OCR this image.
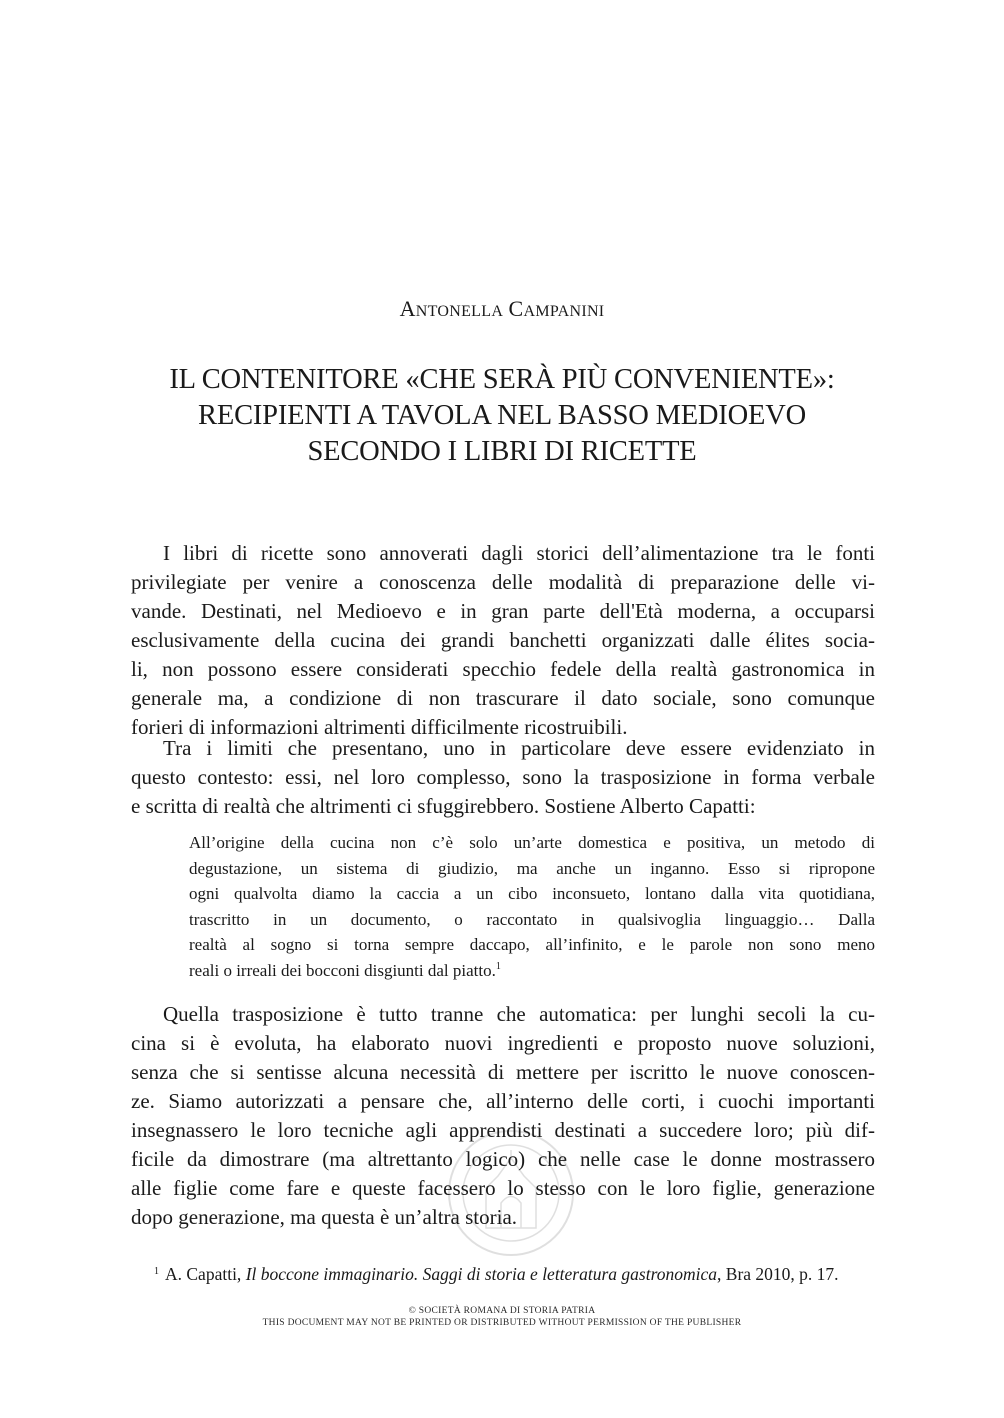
ANTONELLA CAMPANINI
IL CONTENITORE «CHE SERÀ PIÙ CONVENIENTE»:
RECIPIENTI A TAVOLA NEL BASSO MEDIOEVO
SECONDO I LIBRI DI RICETTE
I libri di ricette sono annoverati dagli storici dell’alimentazione tra le fonti
privilegiate per venire a conoscenza delle modalità di preparazione delle vi-
vande. Destinati, nel Medioevo e in gran parte dell'Età moderna, a occuparsi
esclusivamente della cucina dei grandi banchetti organizzati dalle élites socia-
li, non possono essere considerati specchio fedele della realtà gastronomica in
generale ma, a condizione di non trascurare il dato sociale, sono comunque
forieri di informazioni altrimenti difficilmente ricostruibili.
Tra i limiti che presentano, uno in particolare deve essere evidenziato in
questo contesto: essi, nel loro complesso, sono la trasposizione in forma verbale
e scritta di realtà che altrimenti ci sfuggirebbero. Sostiene Alberto Capatti:
All’origine della cucina non c’è solo un’arte domestica e positiva, un metodo di
degustazione, un sistema di giudizio, ma anche un inganno. Esso si ripropone
ogni qualvolta diamo la caccia a un cibo inconsueto, lontano dalla vita quotidiana,
trascritto in un documento, o raccontato in qualsivoglia linguaggio… Dalla
realtà al sogno si torna sempre daccapo, all’infinito, e le parole non sono meno
reali o irreali dei bocconi disgiunti dal piatto.$^1$
Quella trasposizione è tutto tranne che automatica: per lunghi secoli la cu-
cina si è evoluta, ha elaborato nuovi ingredienti e proposto nuove soluzioni,
senza che si sentisse alcuna necessità di mettere per iscritto le nuove conoscen-
ze. Siamo autorizzati a pensare che, all’interno delle corti, i cuochi importanti
insegnassero le loro tecniche agli apprendisti destinati a succedere loro; più dif-
ficile da dimostrare (ma altrettanto logico) che nelle case le donne mostrassero
alle figlie come fare e queste facessero lo stesso con le loro figlie, generazione
dopo generazione, ma questa è un’altra storia.
$^1$ A. Capatti, Il boccone immaginario. Saggi di storia e letteratura gastronomica, Bra 2010, p. 17.
© SOCIETÀ ROMANA DI STORIA PATRIA
THIS DOCUMENT MAY NOT BE PRINTED OR DISTRIBUTED WITHOUT PERMISSION OF THE PUBLISHER
